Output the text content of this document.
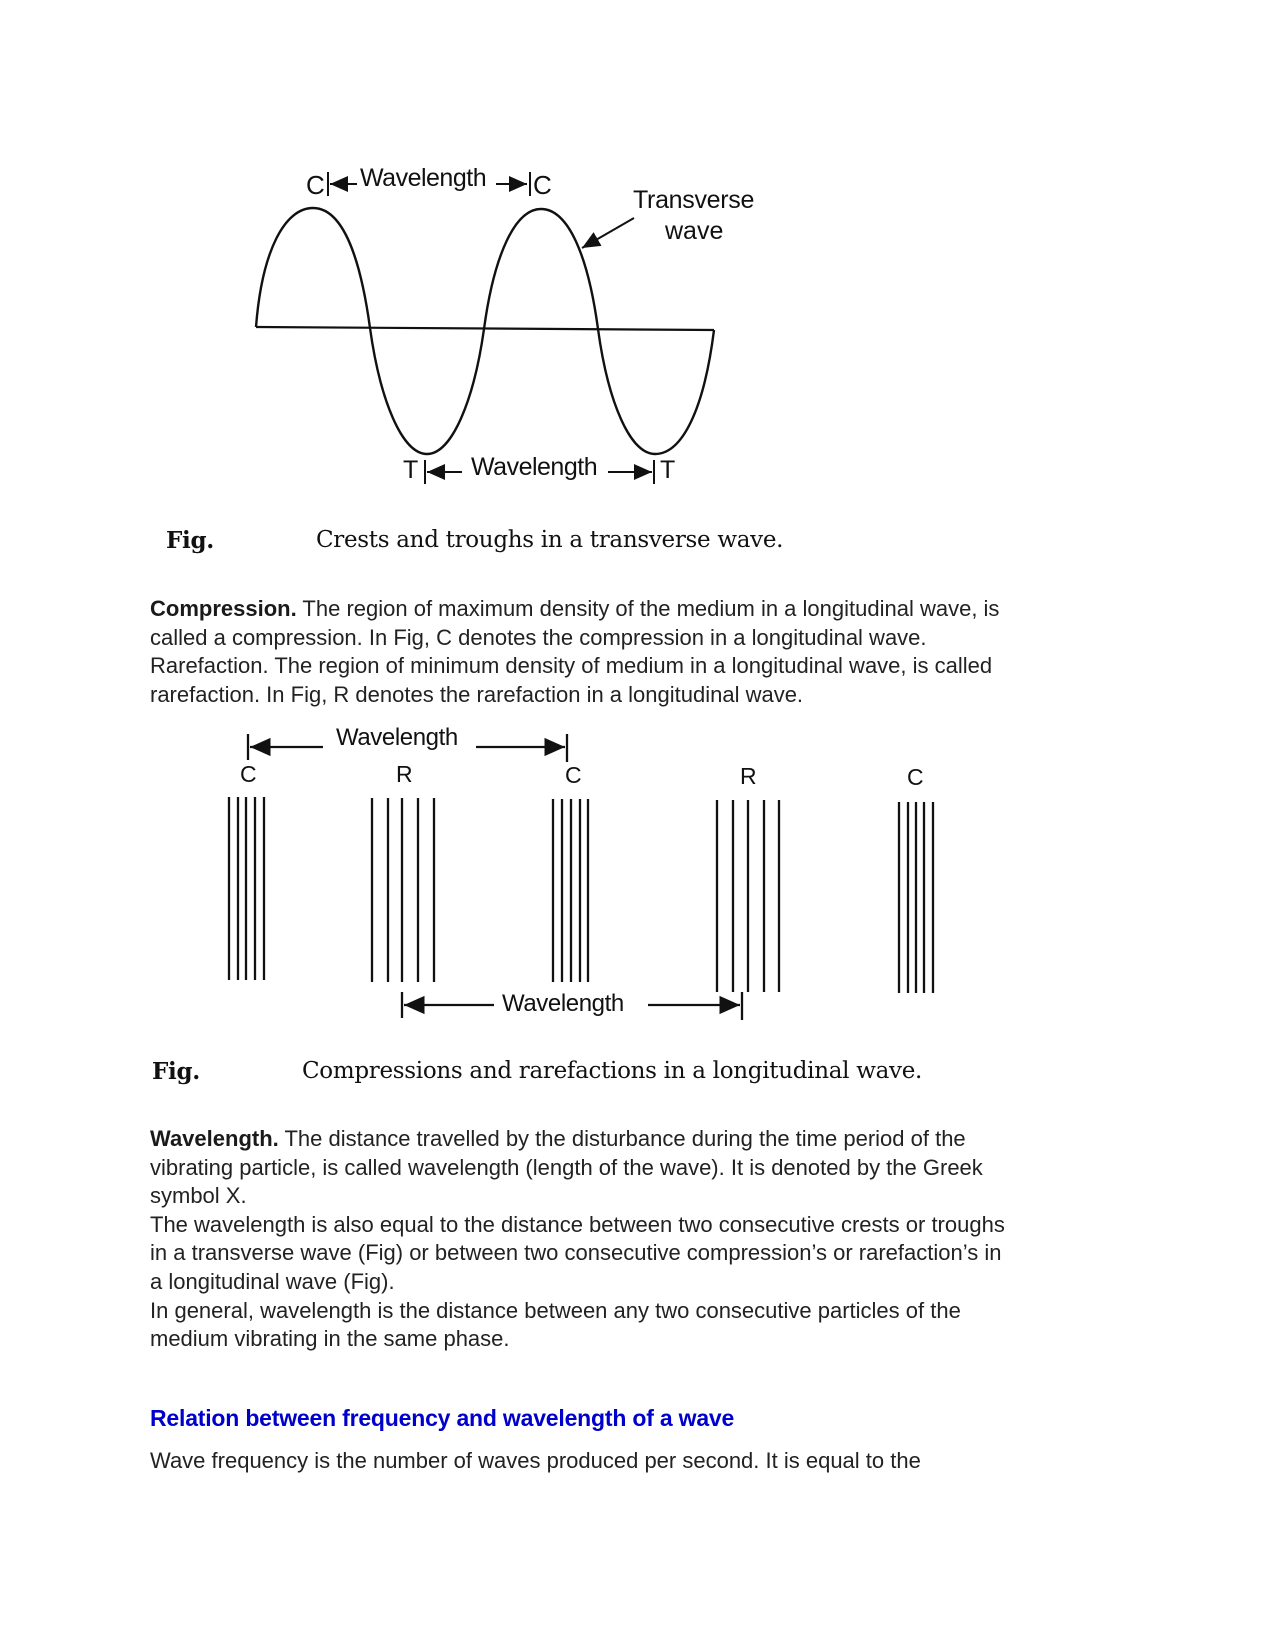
C Wavelength C	Transverse
wave
T Wavelength	T
Fig.	Crests and troughs in a transverse wave.
Compression. The region of maximum density of the medium in a longitudinal wave, is
called a compression. In Fig, C denotes the compression in a longitudinal wave.
Rarefaction. The region of minimum density of medium in a longitudinal wave, is called
rarefaction. In Fig, R denotes the rarefaction in a longitudinal wave.
Wavelength
C	R	C	R	C
Wavelength
Fig.	Compressions and rarefactions in a longitudinal wave.
Wavelength. The distance travelled by the disturbance during the time period of the
vibrating particle, is called wavelength (length of the wave). It is denoted by the Greek
symbol X.
The wavelength is also equal to the distance between two consecutive crests or troughs
in a transverse wave (Fig) or between two consecutive compression’s or rarefaction’s in
a longitudinal wave (Fig).
In general, wavelength is the distance between any two consecutive particles of the
medium vibrating in the same phase.
Relation between frequency and wavelength of a wave
Wave frequency is the number of waves produced per second. It is equal to the
